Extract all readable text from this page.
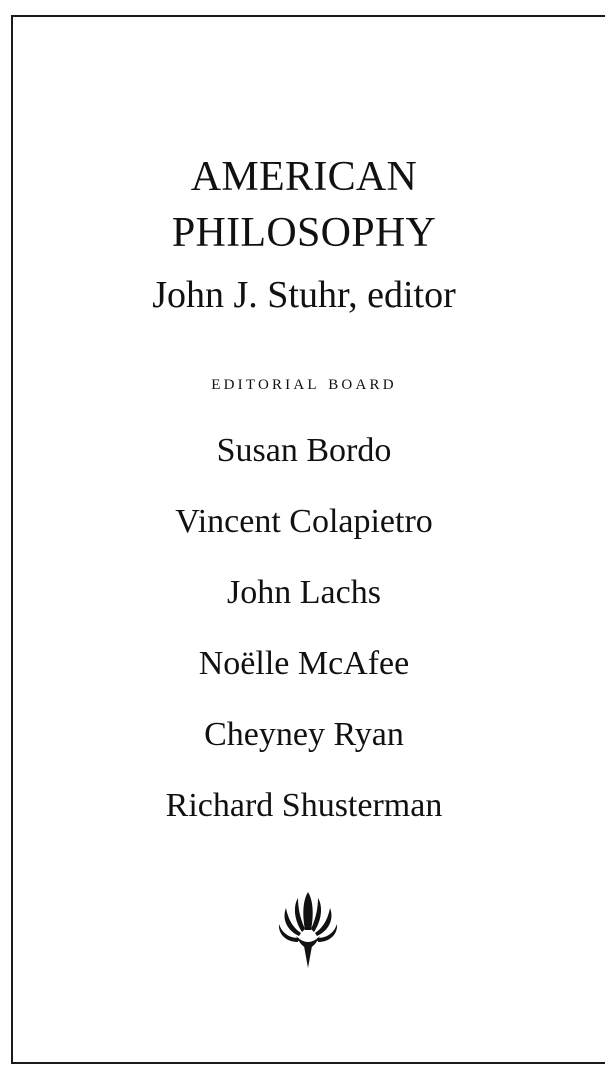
AMERICAN
PHILOSOPHY
John J. Stuhr, editor
editorial board
Susan Bordo
Vincent Colapietro
John Lachs
Noëlle McAfee
Cheyney Ryan
Richard Shusterman
